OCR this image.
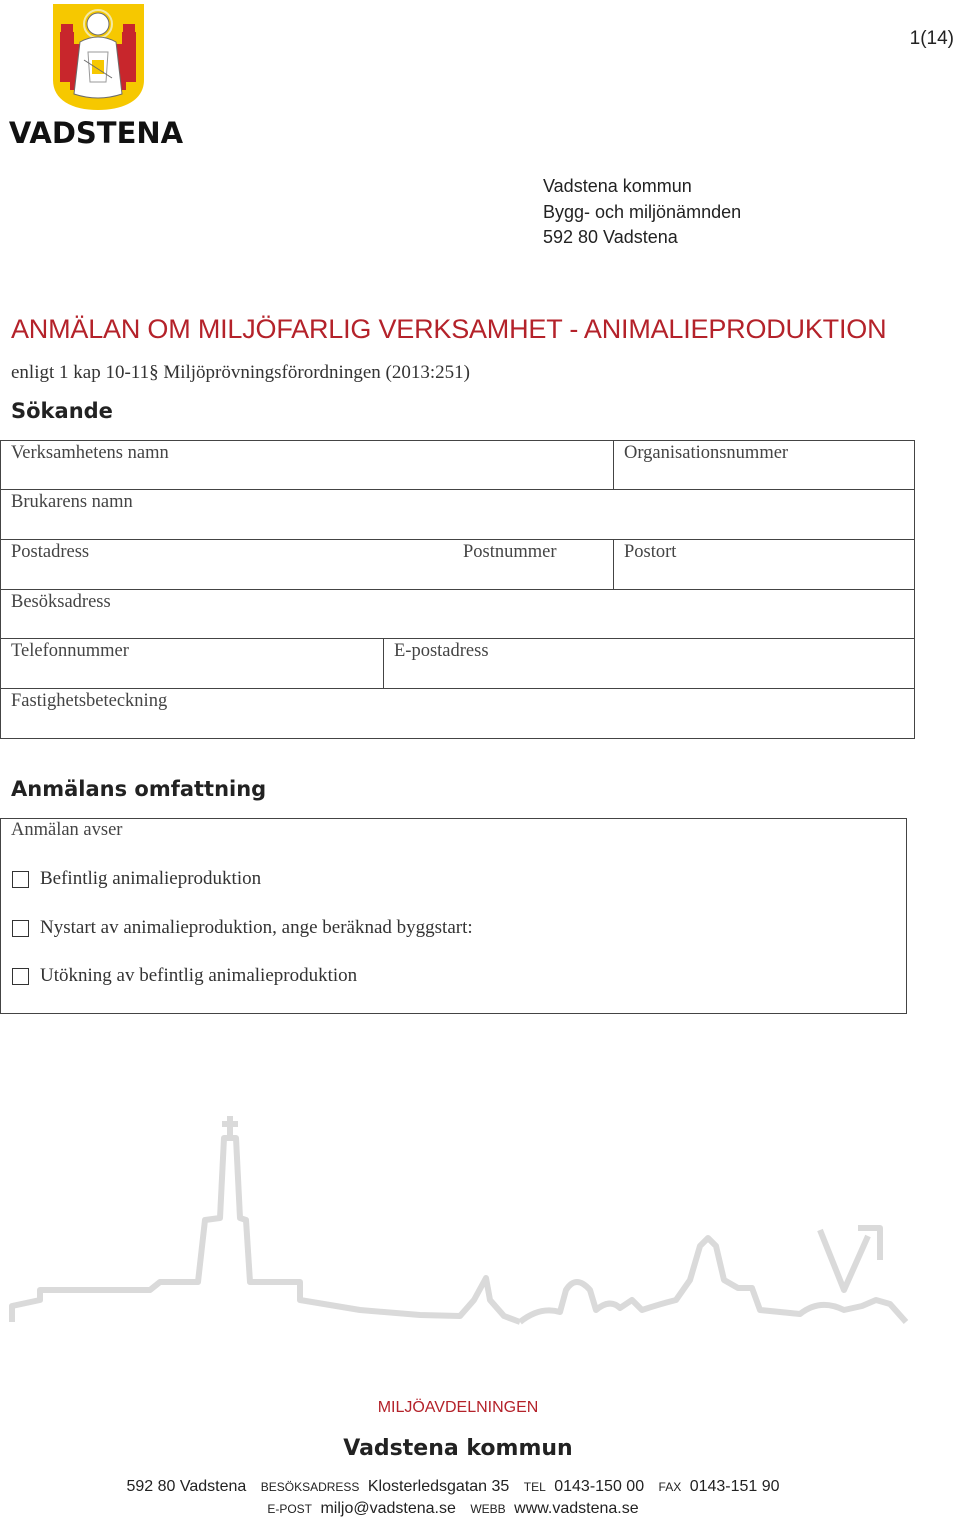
VADSTENA
1(14)
Vadstena kommun
Bygg- och miljönämnden
592 80 Vadstena
ANMÄLAN OM MILJÖFARLIG VERKSAMHET - ANIMALIEPRODUKTION
enligt 1 kap 10-11§ Miljöprövningsförordningen (2013:251)
Sökande
Verksamhetens namn	Organisationsnummer
Brukarens namn
Postadress	Postnummer	Postort
Besöksadress
Telefonnummer	E-postadress
Fastighetsbeteckning
Anmälans omfattning
Anmälan avser
Befintlig animalieproduktion
Nystart av animalieproduktion, ange beräknad byggstart:
Utökning av befintlig animalieproduktion
MILJÖAVDELNINGEN
Vadstena kommun
592 80 Vadstena BESÖKSADRESS Klosterledsgatan 35 TEL 0143-150 00 FAX 0143-151 90
E-POST miljo@vadstena.se WEBB www.vadstena.se
